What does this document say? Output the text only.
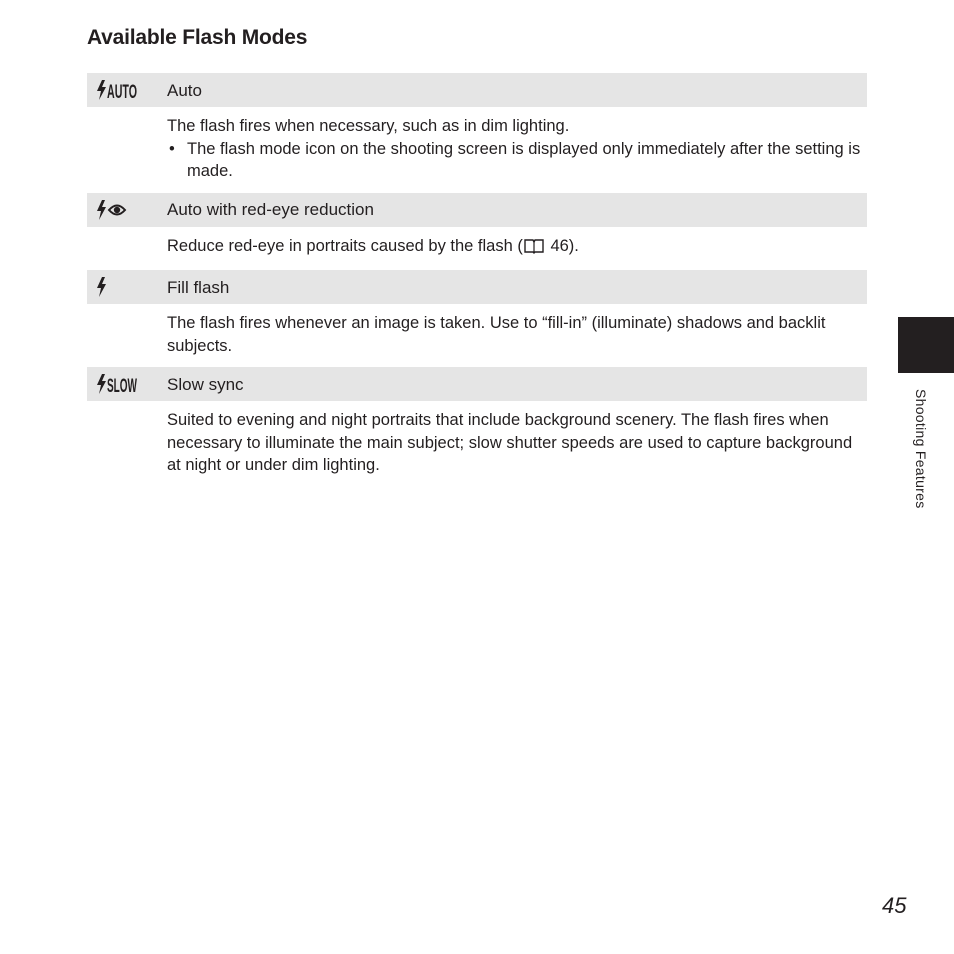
Available Flash Modes
AUTO Auto

The flash fires when necessary, such as in dim lighting.

• The flash mode icon on the shooting screen is displayed only immediately after the setting is made.
Auto with red-eye reduction

Reduce red-eye in portraits caused by the flash ( 46).

Fill flash

The flash fires whenever an image is taken. Use to “fill-in” (illuminate) shadows and backlit subjects.

SLOW Slow sync

Suited to evening and night portraits that include background scenery. The flash fires when necessary to illuminate the main subject; slow shutter speeds are used to capture background at night or under dim lighting.	Shooting Features
45
